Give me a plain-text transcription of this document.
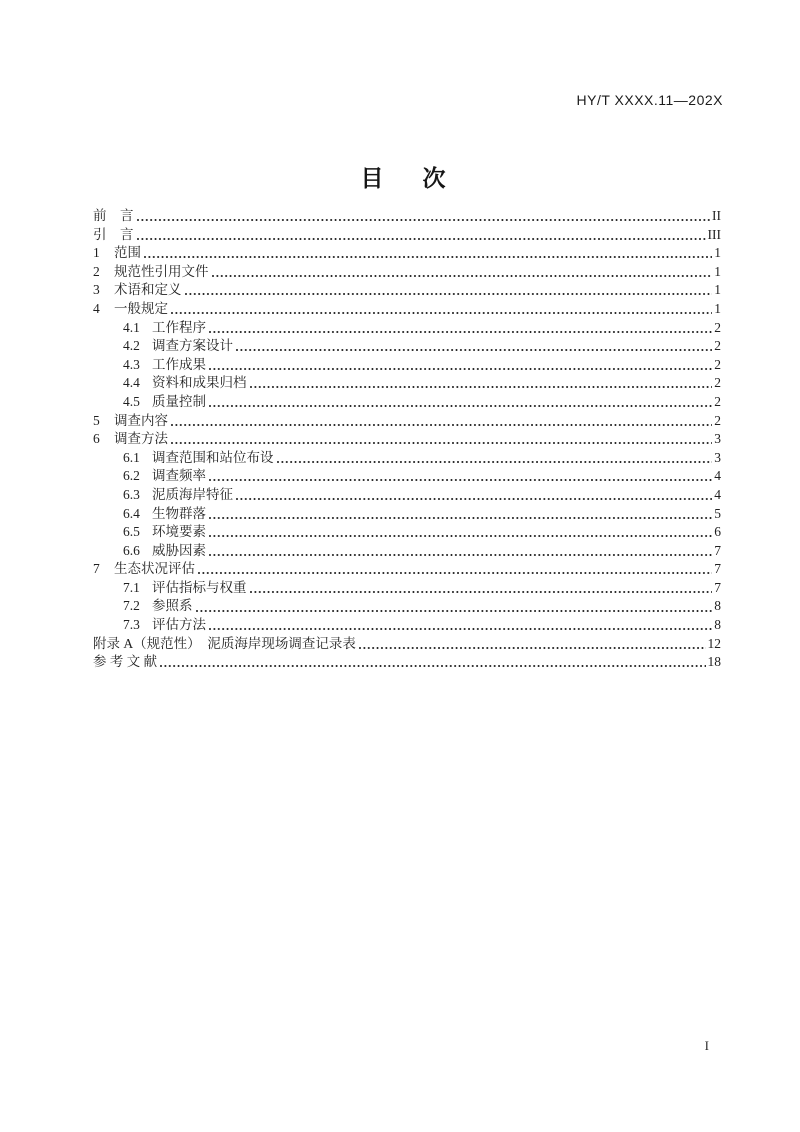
HY/T XXXX.11—202X
目　次
前　言	II
引　言	III
1	范围	1
2	规范性引用文件	1
3	术语和定义	1
4	一般规定	1
4.1 工作程序	2
4.2 调查方案设计	2
4.3 工作成果	2
4.4 资料和成果归档	2
4.5 质量控制	2
5	调查内容	2
6	调查方法	3
6.1 调查范围和站位布设	3
6.2 调查频率	4
6.3 泥质海岸特征	4
6.4 生物群落	5
6.5 环境要素	6
6.6 威胁因素	7
7	生态状况评估	7
7.1 评估指标与权重	7
7.2 参照系	8
7.3 评估方法	8
附录 A（规范性）　泥质海岸现场调查记录表	12
参 考 文 献	18
I
